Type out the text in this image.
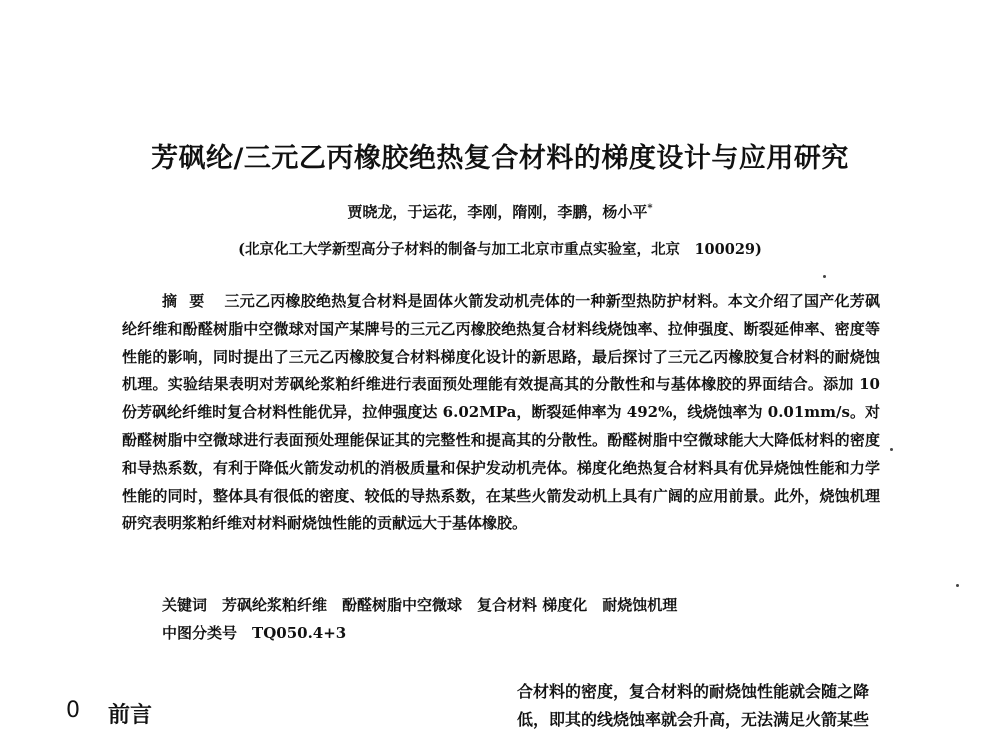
芳砜纶/三元乙丙橡胶绝热复合材料的梯度设计与应用研究
贾晓龙，于运花，李刚，隋刚，李鹏，杨小平*
(北京化工大学新型高分子材料的制备与加工北京市重点实验室，北京　100029)

摘要 三元乙丙橡胶绝热复合材料是固体火箭发动机壳体的一种新型热防护材料。本文介绍了国产化芳砜纶纤维和酚醛树脂中空微球对国产某牌号的三元乙丙橡胶绝热复合材料线烧蚀率、拉伸强度、断裂延伸率、密度等性能的影响，同时提出了三元乙丙橡胶复合材料梯度化设计的新思路，最后探讨了三元乙丙橡胶复合材料的耐烧蚀机理。实验结果表明对芳砜纶浆粕纤维进行表面预处理能有效提高其的分散性和与基体橡胶的界面结合。添加 10份芳砜纶纤维时复合材料性能优异，拉伸强度达 6.02MPa，断裂延伸率为 492%，线烧蚀率为 0.01mm/s。对酚醛树脂中空微球进行表面预处理能保证其的完整性和提高其的分散性。酚醛树脂中空微球能大大降低材料的密度和导热系数，有利于降低火箭发动机的消极质量和保护发动机壳体。梯度化绝热复合材料具有优异烧蚀性能和力学性能的同时，整体具有很低的密度、较低的导热系数，在某些火箭发动机上具有广阔的应用前景。此外，烧蚀机理研究表明浆粕纤维对材料耐烧蚀性能的贡献远大于基体橡胶。

关键词　 芳砜纶浆粕纤维　酚醛树脂中空微球　复合材料 梯度化　耐烧蚀机理
中图分类号　 TQ050.4+3
0 前言
合材料的密度，复合材料的耐烧蚀性能就会随之降
低，即其的线烧蚀率就会升高，无法满足火箭某些
